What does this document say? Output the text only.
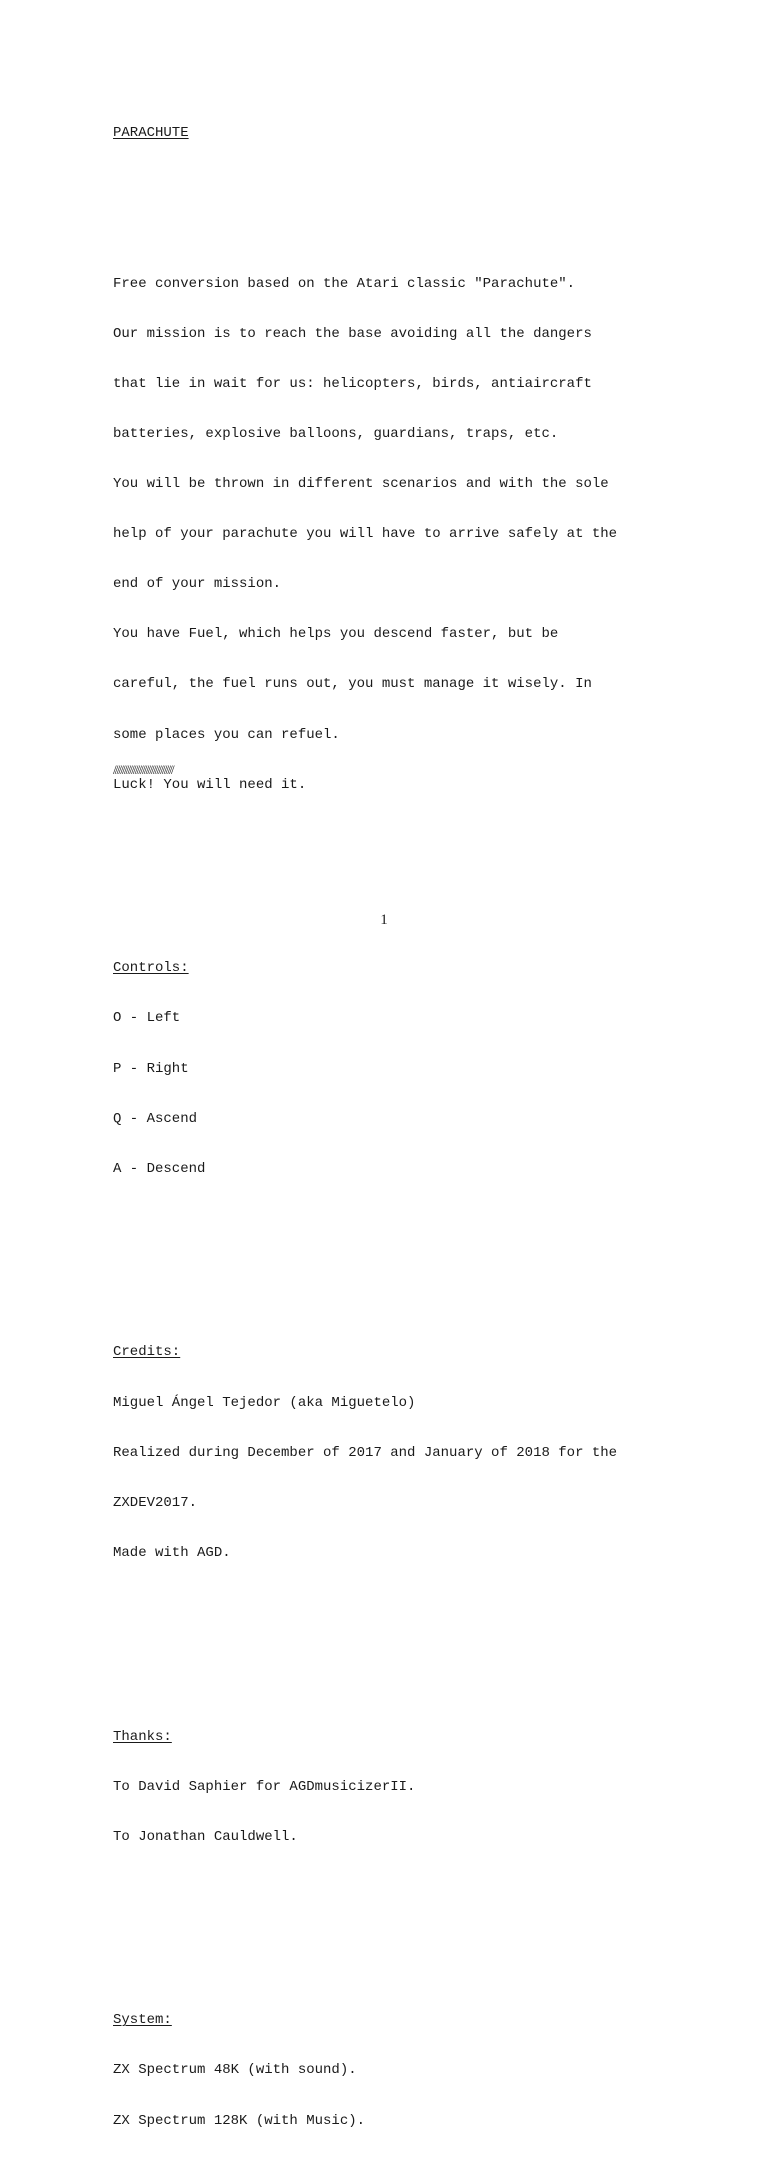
PARACHUTE

Free conversion based on the Atari classic "Parachute".

Our mission is to reach the base avoiding all the dangers

that lie in wait for us: helicopters, birds, antiaircraft

batteries, explosive balloons, guardians, traps, etc.

You will be thrown in different scenarios and with the sole

help of your parachute you will have to arrive safely at the

end of your mission.

You have Fuel, which helps you descend faster, but be

careful, the fuel runs out, you must manage it wisely. In

some places you can refuel.

Luck! You will need it.

Controls:

O - Left

P - Right

Q - Ascend

A - Descend

Credits:

Miguel Ángel Tejedor (aka Miguetelo)

Realized during December of 2017 and January of 2018 for the

ZXDEV2017.

Made with AGD.

Thanks:

To David Saphier for AGDmusicizerII.

To Jonathan Cauldwell.

System:

ZX Spectrum 48K (with sound).

ZX Spectrum 128K (with Music).

/////////////////////////////////
1
